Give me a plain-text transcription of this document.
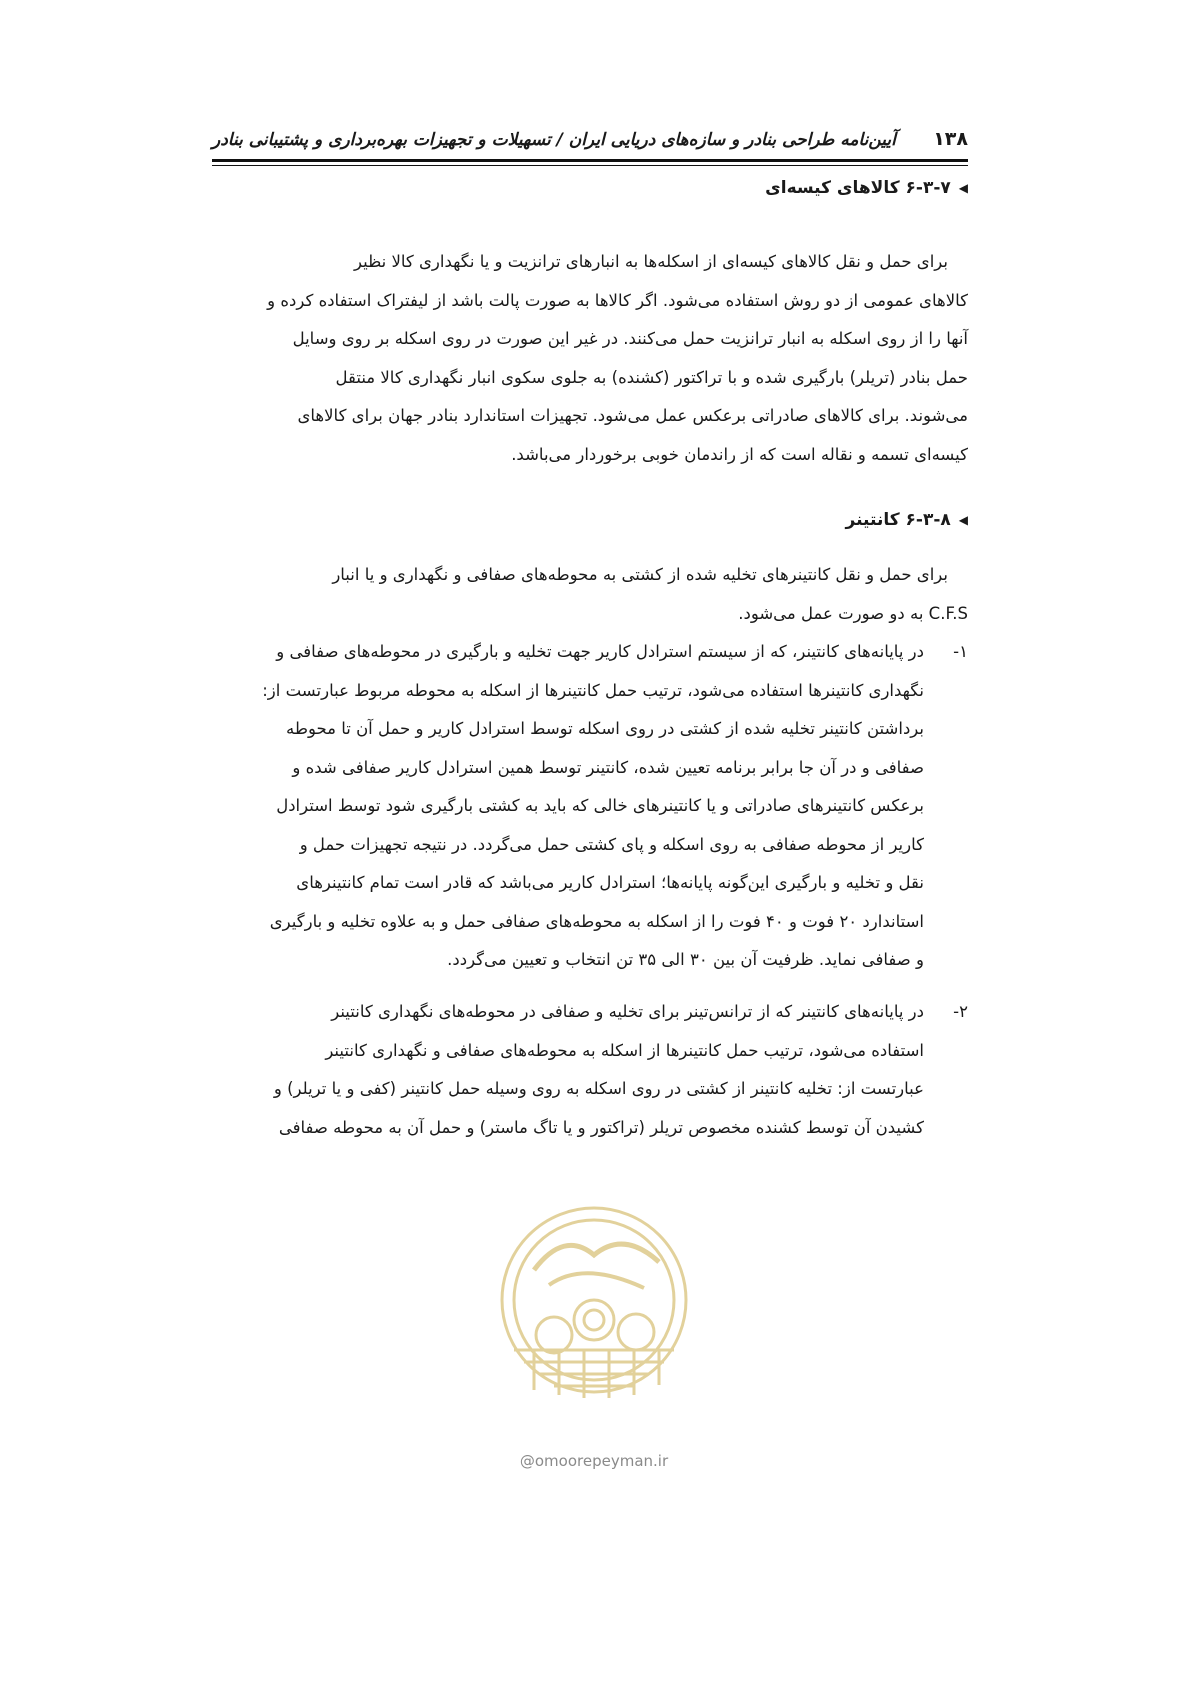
۱۳۸
آیین‌نامه طراحی بنادر و سازه‌های دریایی ایران / تسهیلات و تجهیزات بهره‌برداری و پشتیبانی بنادر
◀
۶-۳-۷ کالاهای کیسه‌ای

برای حمل و نقل کالاهای کیسه‌ای از اسکله‌ها به انبارهای ترانزیت و یا نگهداری کالا نظیر

کالاهای عمومی از دو روش استفاده می‌شود. اگر کالاها به صورت پالت باشد از لیفتراک استفاده کرده و

آنها را از روی اسکله به انبار ترانزیت حمل می‌کنند. در غیر این صورت در روی اسکله بر روی وسایل

حمل بنادر (تریلر) بارگیری شده و با تراکتور (کشنده) به جلوی سکوی انبار نگهداری کالا منتقل

می‌شوند. برای کالاهای صادراتی برعکس عمل می‌شود. تجهیزات استاندارد بنادر جهان برای کالاهای

کیسه‌ای تسمه و نقاله است که از راندمان خوبی برخوردار می‌باشد.

◀
۶-۳-۸ کانتینر

برای حمل و نقل کانتینرهای تخلیه شده از کشتی به محوطه‌های صفافی و نگهداری و یا انبار

C.F.S به دو صورت عمل می‌شود.

۱-

در پایانه‌های کانتینر، که از سیستم استرادل کاریر جهت تخلیه و بارگیری در محوطه‌های صفافی و

نگهداری کانتینرها استفاده می‌شود، ترتیب حمل کانتینرها از اسکله به محوطه مربوط عبارتست از:

برداشتن کانتینر تخلیه شده از کشتی در روی اسکله توسط استرادل کاریر و حمل آن تا محوطه

صفافی و در آن جا برابر برنامه تعیین شده، کانتینر توسط همین استرادل کاریر صفافی شده و

برعکس کانتینرهای صادراتی و یا کانتینرهای خالی که باید به کشتی بارگیری شود توسط استرادل

کاریر از محوطه صفافی به روی اسکله و پای کشتی حمل می‌گردد. در نتیجه تجهیزات حمل و

نقل و تخلیه و بارگیری این‌گونه پایانه‌ها؛ استرادل کاریر می‌باشد که قادر است تمام کانتینرهای

استاندارد ۲۰ فوت و ۴۰ فوت را از اسکله به محوطه‌های صفافی حمل و به علاوه تخلیه و بارگیری

و صفافی نماید. ظرفیت آن بین ۳۰ الی ۳۵ تن انتخاب و تعیین می‌گردد.

۲-

در پایانه‌های کانتینر که از ترانس‌تینر برای تخلیه و صفافی در محوطه‌های نگهداری کانتینر

استفاده می‌شود، ترتیب حمل کانتینرها از اسکله به محوطه‌های صفافی و نگهداری کانتینر

عبارتست از: تخلیه کانتینر از کشتی در روی اسکله به روی وسیله حمل کانتینر (کفی و یا تریلر) و

کشیدن آن توسط کشنده مخصوص تریلر (تراکتور و یا تاگ ماستر) و حمل آن به محوطه صفافی

@omoorepeyman.ir
